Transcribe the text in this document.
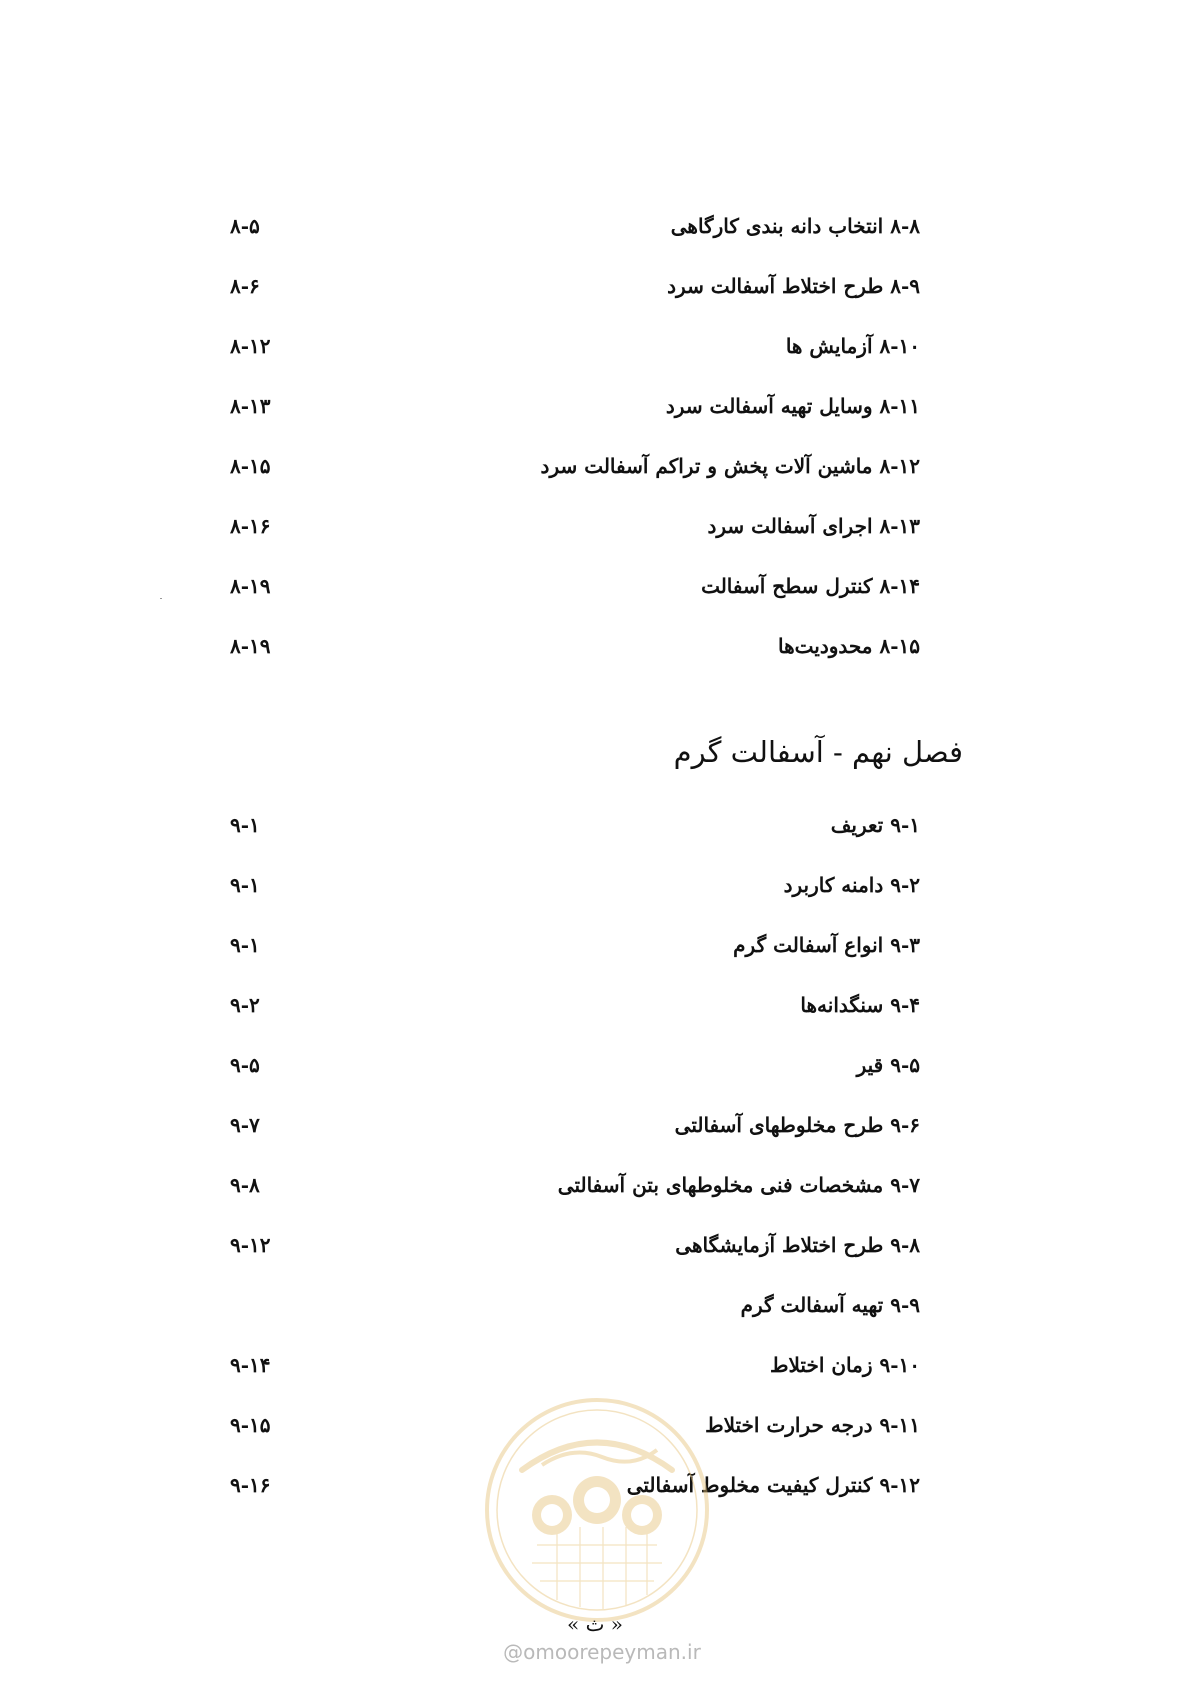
۸-۸ انتخاب دانه بندی کارگاهی
۸-۵
۸-۹ طرح اختلاط آسفالت سرد
۸-۶
۸-۱۰ آزمایش ها
۸-۱۲
۸-۱۱ وسایل تهیه آسفالت سرد
۸-۱۳
۸-۱۲ ماشین آلات پخش و تراکم آسفالت سرد
۸-۱۵
۸-۱۳ اجرای آسفالت سرد
۸-۱۶
۸-۱۴ کنترل سطح آسفالت
۸-۱۹
۸-۱۵ محدودیت‌ها
۸-۱۹
فصل نهم - آسفالت گرم
۹-۱ تعریف
۹-۱
۹-۲ دامنه کاربرد
۹-۱
۹-۳ انواع آسفالت گرم
۹-۱
۹-۴ سنگدانه‌ها
۹-۲
۹-۵ قیر
۹-۵
۹-۶ طرح مخلوطهای آسفالتی
۹-۷
۹-۷ مشخصات فنی مخلوطهای بتن آسفالتی
۹-۸
۹-۸ طرح اختلاط آزمایشگاهی
۹-۱۲
۹-۹ تهیه آسفالت گرم
۹-۱۰ زمان اختلاط
۹-۱۴
۹-۱۱ درجه حرارت اختلاط
۹-۱۵
۹-۱۲ کنترل کیفیت مخلوط آسفالتی
۹-۱۶
« ث »
@omoorepeyman.ir
